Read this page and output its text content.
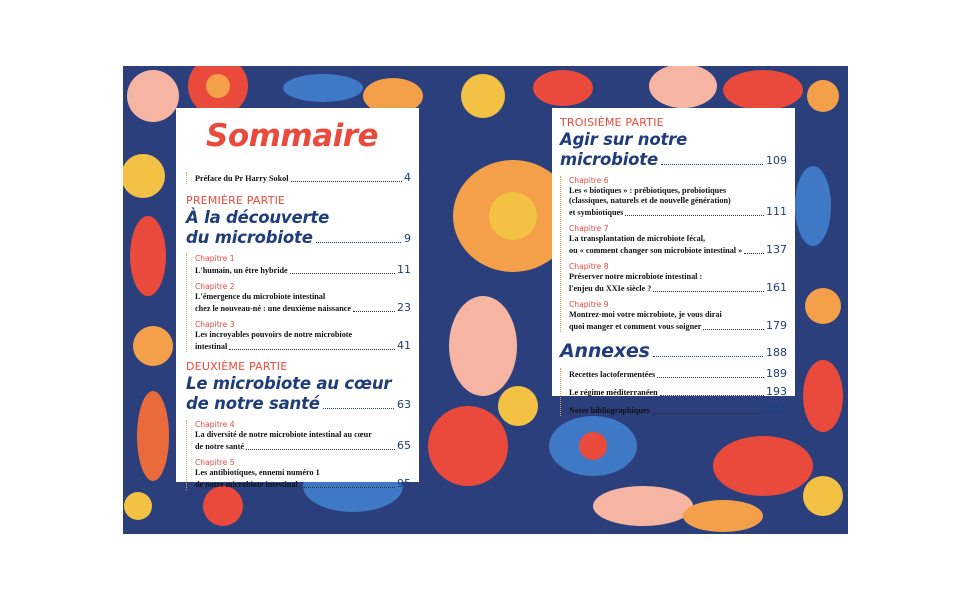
Sommaire
Préface du Pr Harry Sokol	4
PREMIÈRE PARTIE
À la découverte
du microbiote	9
Chapitre 1
L'humain, un être hybride	11
Chapitre 2
L'émergence du microbiote intestinal
chez le nouveau-né : une deuxième naissance	23
Chapitre 3
Les incroyables pouvoirs de notre microbiote
intestinal	41
DEUXIÈME PARTIE
Le microbiote au cœur
de notre santé	63
Chapitre 4
La diversité de notre microbiote intestinal au cœur
de notre santé	65
Chapitre 5
Les antibiotiques, ennemi numéro 1
de notre microbiote intestinal	95
TROISIÈME PARTIE
Agir sur notre
microbiote	109
Chapitre 6
Les « biotiques » : prébiotiques, probiotiques
(classiques, naturels et de nouvelle génération)
et symbiotiques	111
Chapitre 7
La transplantation de microbiote fécal,
ou « comment changer son microbiote intestinal » 137
Chapitre 8
Préserver notre microbiote intestinal :
l'enjeu du XXIe siècle ?	161
Chapitre 9
Montrez-moi votre microbiote, je vous dirai
quoi manger et comment vous soigner	179
Annexes	188
Recettes lactofermentées	189
Le régime méditerranéen	193
Notes bibliographiques	201
